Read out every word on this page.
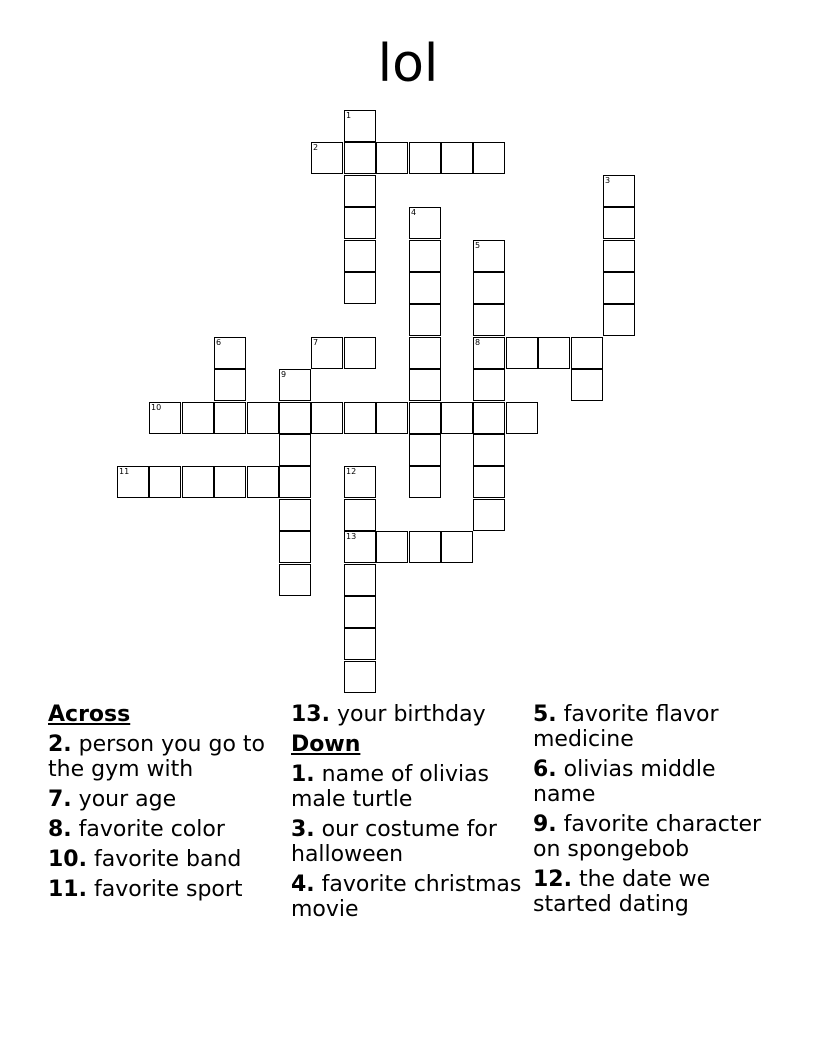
lol
1
2
3
4
5
6	7	8
9
10
11	12
13
Across
2. person you go to the gym with
7. your age
8. favorite color
10. favorite band
11. favorite sport
13. your birthday
Down
1. name of olivias male turtle
3. our costume for halloween
4. favorite christmas movie
5. favorite flavor medicine
6. olivias middle name
9. favorite character on spongebob
12. the date we started dating
